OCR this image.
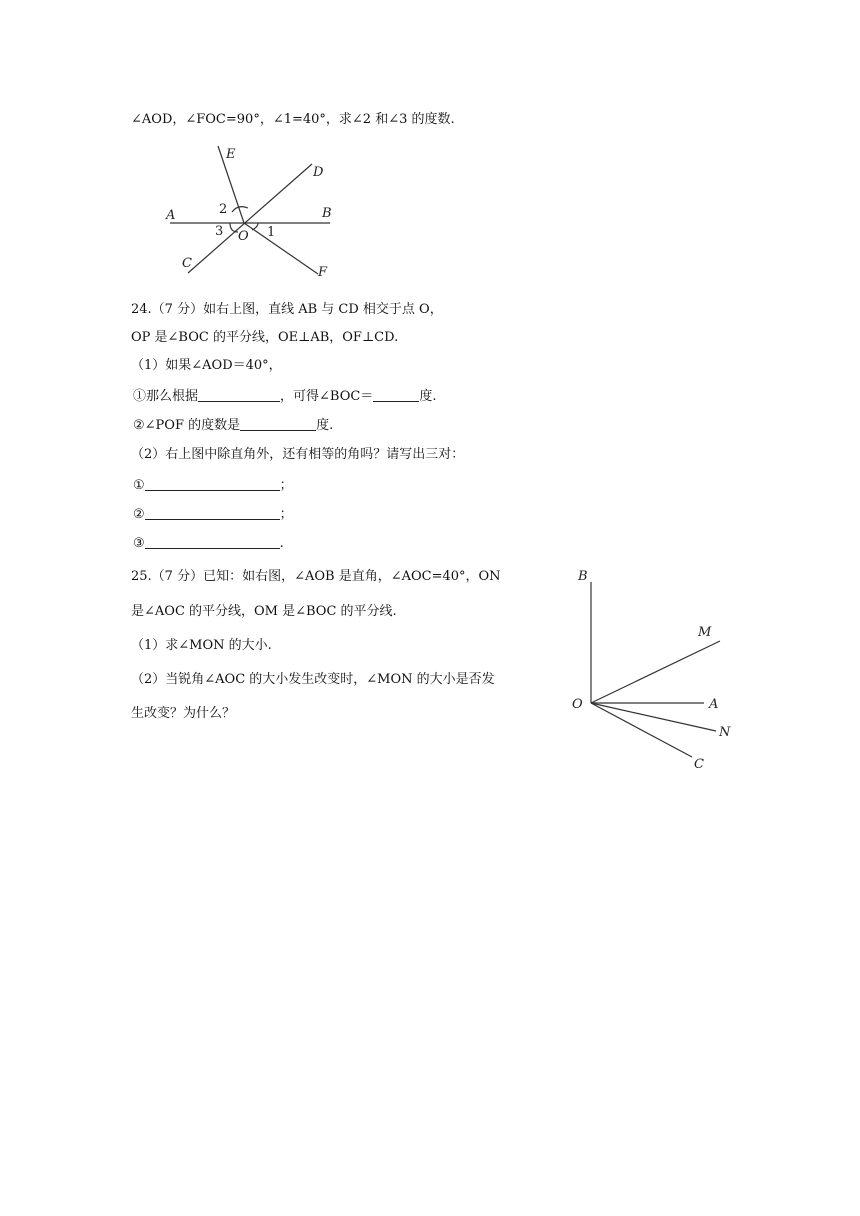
∠AOD，∠FOC=90°，∠1=40°，求∠2 和∠3 的度数.
E
D
A	B
2
3 O 1
C
F
24.（7 分）如右上图，直线 AB 与 CD 相交于点 O，
OP 是∠BOC 的平分线，OE⊥AB，OF⊥CD.
（1）如果∠AOD＝40°，
①那么根据	，可得∠BOC＝	度.
②∠POF 的度数是	度.
（2）右上图中除直角外，还有相等的角吗？请写出三对：
①	；
②	；
③	.
25.（7 分）已知：如右图，∠AOB 是直角，∠AOC=40°，ON
是∠AOC 的平分线，OM 是∠BOC 的平分线.
（1）求∠MON 的大小.
（2）当锐角∠AOC 的大小发生改变时，∠MON 的大小是否发
生改变？为什么？
B
M
O	A
N
C
